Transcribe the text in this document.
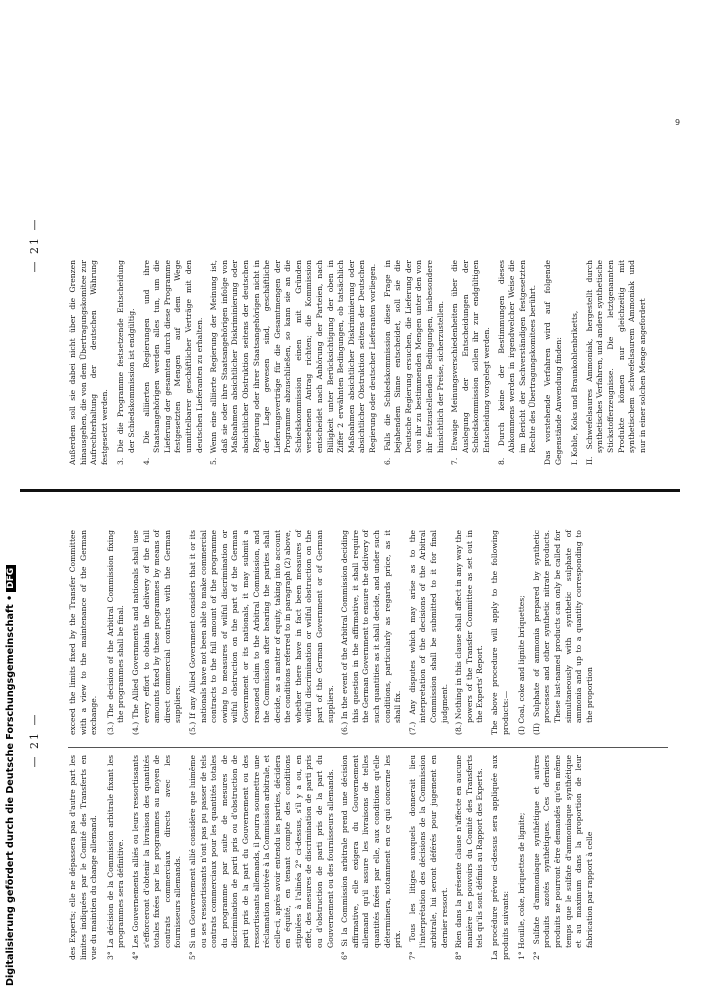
— 21 —

des Experts; elle ne dépassera pas d'autre part les limites indiquées par le Comité des Transferts en vue du maintien du change allemand. 3° La décision de la Commission arbitrale fixant les programmes sera définitive. 4° Les Gouvernements alliés ou leurs ressortissants s'efforceront d'obtenir la livraison des quantités totales fixées par les programmes au moyen de contrats commerciaux directs avec les fournisseurs allemands. 5° Si un Gouvernement allié considère que luimême ou ses ressortissants n'ont pas pu passer de tels contrats commerciaux pour les quantités totales du programme par suite de mesures de discrimination de parti pris ou d'obstruction de parti pris de la part du Gouvernement ou des ressortissants allemands, il pourra soumettre une réclamation motivée à la Commission arbitrale, et celle-ci, après avoir entendu les parties, décidera en équité, en tenant compte des conditions stipulées à l'alinéa 2° ci-dessus, s'il y a ou, en effet, des mesures de discrimination de parti pris ou d'obstruction de parti pris de la part du Gouvernement ou des fournisseurs allemands. 6° Si la Commission arbitrale prend une décision affirmative, elle exigera du Gouvernement allemand qu'il assure les livraisons de telles quantités fixées par elle, aux conditions qu'elle déterminera, notamment en ce qui concerne les prix. 7° Tous les litiges auxquels donnerait lieu l'interprétation des décisions de la Commission arbitrale, lui seront déférés pour jugement en dernier ressort. 8° Rien dans la présente clause n'affecte en aucune manière les pouvoirs du Comité des Transferts tels qu'ils sont définis au Rapport des Experts. La procédure prévue ci-dessus sera appliquée aux produits suivants: 1° Houille, coke, briquettes de lignite; 2° Sulfate d'ammoniaque synthétique et autres produits azotés synthétiques. Ces derniers produits ne pourront être demandés qu'en même temps que le sulfate d'ammoniaque synthétique et au maximum dans la proportion de leur fabrication par rapport à celle

exceed the limits fixed by the Transfer Committee with a view to the maintenance of the German exchange. (3.) The decision of the Arbitral Commission fixing the programmes shall be final. (4.) The Allied Governments and nationals shall use every effort to obtain the delivery of the full amounts fixed by these programmes by means of direct commercial contracts with the German suppliers. (5.) If any Allied Government considers that it or its nationals have not been able to make commercial contracts to the full amount of the programme owing to measures of wilful discrimination or wilful obstruction on the part of the German Government or its nationals, it may submit a reasoned claim to the Arbitral Commission, and the Commission after hearing the parties shall decide, as a matter of equity, taking into account the conditions referred to in paragraph (2) above, whether there have in fact been measures of wilful discrimination or wilful obstruction on the part of the German Government or of German suppliers. (6.) In the event of the Arbitral Commission deciding this question in the affirmative, it shall require the German Government to ensure the delivery of such quantities as it shall decide, and under such conditions, particularly as regards price, as it shall fix. (7.) Any disputes which may arise as to the interpretation of the decisions of the Arbitral Commission shall be submitted to it for final judgment. (8.) Nothing in this clause shall affect in any way the powers of the Transfer Committee as set out in the Experts' Report. The above procedure will apply to the following products:— (I) Coal, coke and lignite briquettes; (II) Sulphate of ammonia prepared by synthetic processes and other synthetic nitrate products. These last-named products can only be called for simultaneously with synthetic sulphate of ammonia and up to a quantity corresponding to the proportion

— 21 —

Außerdem soll sie dabei nicht über die Grenzen hinausgehen, die von dem Übertragungskomitee zur Aufrechterhaltung der deutschen Währung festgesetzt werden. 3. Die die Programme festsetzende Entscheidung der Schiedskommission ist endgültig. 4. Die alliierten Regierungen und ihre Staatsangehörigen werden alles tun, um die Lieferung der gesamten durch diese Programme festgesetzten Mengen auf dem Wege unmittelbarer geschäftlicher Verträge mit den deutschen Lieferanten zu erhalten. 5. Wenn eine alliierte Regierung der Meinung ist, daß sie oder ihre Staatsangehörigen infolge von Maßnahmen absichtlicher Diskriminierung oder absichtlicher Obstruktion seitens der deutschen Regierung oder ihrer Staatsangehörigen nicht in der Lage gewesen sind, geschäftliche Lieferungsverträge für die Gesamtmengen der Programme abzuschließen, so kann sie an die Schiedskommission einen mit Gründen versehenen Antrag richten; die Kommission entscheidet nach Anhörung der Parteien, nach Billigkeit unter Berücksichtigung der oben in Ziffer 2 erwähnten Bedingungen, ob tatsächlich Maßnahmen absichtlicher Diskriminierung oder absichtlicher Obstruktion seitens der Deutschen Regierung oder deutscher Lieferanten vorliegen. 6. Falls die Schiedskommission diese Frage in bejahendem Sinne entscheidet, soll sie die Deutsche Regierung ersuchen, die Lieferung der von ihr zu bestimmenden Mengen unter den von ihr festzustellenden Bedingungen, insbesondere hinsichtlich der Preise, sicherzustellen. 7. Etwaige Meinungsverschiedenheiten über die Auslegung der Entscheidungen der Schiedskommission sollen ihr zur endgültigen Entscheidung vorgelegt werden. 8. Durch keine der Bestimmungen dieses Abkommens werden in irgendwelcher Weise die im Bericht der Sachverständigen festgesetzten Rechte des Übertragungskomitees berührt. Das vorstehende Verfahren wird auf folgende Gegenstände Anwendung finden: I. Kohle, Koks und Braunkohlenbriketts, II. Schwefelsaures Ammoniak, hergestellt durch synthetisches Verfahren, und andere synthetische Stickstofferzeugnisse. Die letztgenannten Produkte können nur gleichzeitig mit synthetischem schwefelsaurem Ammoniak und nur in einer solchen Menge angefordert

9
Digitalisierung gefördert durch die Deutsche Forschungsgemeinschaft •DFG
